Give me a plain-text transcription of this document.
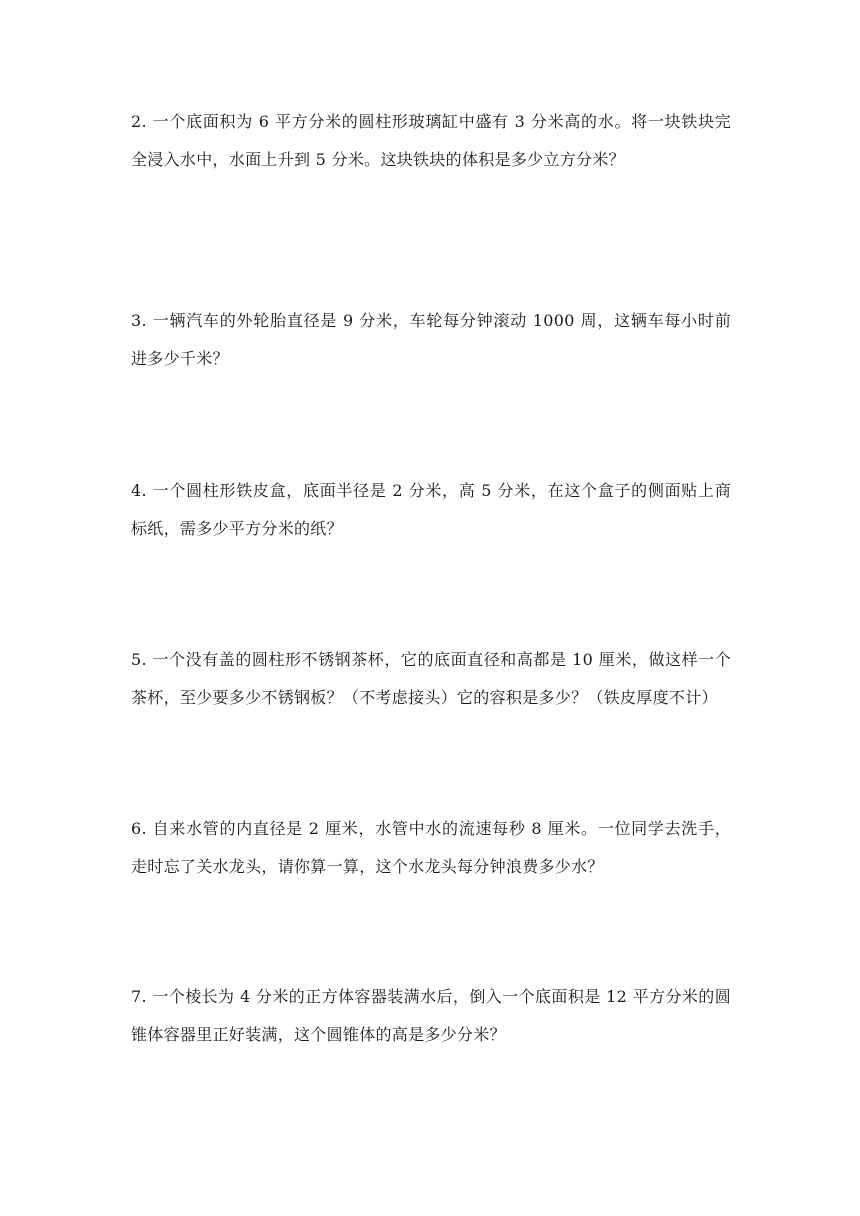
2. 一个底面积为 6 平方分米的圆柱形玻璃缸中盛有 3 分米高的水。将一块铁块完全浸入水中，水面上升到 5 分米。这块铁块的体积是多少立方分米？

3. 一辆汽车的外轮胎直径是 9 分米，车轮每分钟滚动 1000 周，这辆车每小时前进多少千米？

4. 一个圆柱形铁皮盒，底面半径是 2 分米，高 5 分米，在这个盒子的侧面贴上商标纸，需多少平方分米的纸？

5. 一个没有盖的圆柱形不锈钢茶杯，它的底面直径和高都是 10 厘米，做这样一个茶杯，至少要多少不锈钢板？（不考虑接头）它的容积是多少？（铁皮厚度不计）

6. 自来水管的内直径是 2 厘米，水管中水的流速每秒 8 厘米。一位同学去洗手，走时忘了关水龙头，请你算一算，这个水龙头每分钟浪费多少水？

7. 一个棱长为 4 分米的正方体容器装满水后，倒入一个底面积是 12 平方分米的圆锥体容器里正好装满，这个圆锥体的高是多少分米？
